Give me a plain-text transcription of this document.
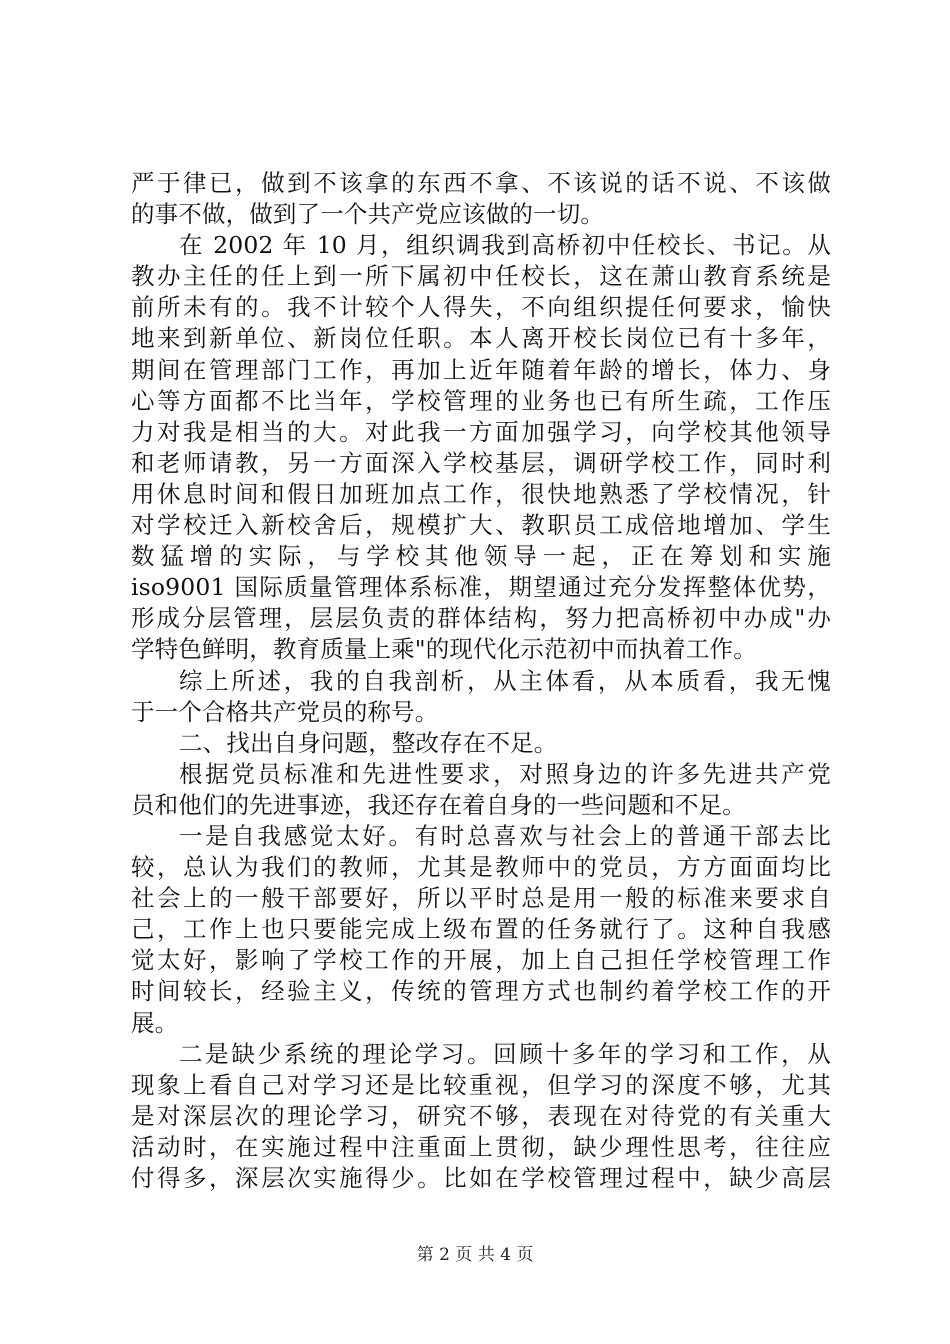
严于律已，做到不该拿的东西不拿、不该说的话不说、不该做
的事不做，做到了一个共产党应该做的一切。
在 2002 年 10 月，组织调我到高桥初中任校长、书记。从
教办主任的任上到一所下属初中任校长，这在萧山教育系统是
前所未有的。我不计较个人得失，不向组织提任何要求，愉快
地来到新单位、新岗位任职。本人离开校长岗位已有十多年，
期间在管理部门工作，再加上近年随着年龄的增长，体力、身
心等方面都不比当年，学校管理的业务也已有所生疏，工作压
力对我是相当的大。对此我一方面加强学习，向学校其他领导
和老师请教，另一方面深入学校基层，调研学校工作，同时利
用休息时间和假日加班加点工作，很快地熟悉了学校情况，针
对学校迁入新校舍后，规模扩大、教职员工成倍地增加、学生
数猛增的实际，与学校其他领导一起，正在筹划和实施
iso9001 国际质量管理体系标准，期望通过充分发挥整体优势，
形成分层管理，层层负责的群体结构，努力把高桥初中办成"办
学特色鲜明，教育质量上乘"的现代化示范初中而执着工作。
综上所述，我的自我剖析，从主体看，从本质看，我无愧
于一个合格共产党员的称号。
二、找出自身问题，整改存在不足。
根据党员标准和先进性要求，对照身边的许多先进共产党
员和他们的先进事迹，我还存在着自身的一些问题和不足。
一是自我感觉太好。有时总喜欢与社会上的普通干部去比
较，总认为我们的教师，尤其是教师中的党员，方方面面均比
社会上的一般干部要好，所以平时总是用一般的标准来要求自
己，工作上也只要能完成上级布置的任务就行了。这种自我感
觉太好，影响了学校工作的开展，加上自己担任学校管理工作
时间较长，经验主义，传统的管理方式也制约着学校工作的开
展。
二是缺少系统的理论学习。回顾十多年的学习和工作，从
现象上看自己对学习还是比较重视，但学习的深度不够，尤其
是对深层次的理论学习，研究不够，表现在对待党的有关重大
活动时，在实施过程中注重面上贯彻，缺少理性思考，往往应
付得多，深层次实施得少。比如在学校管理过程中，缺少高层
第 2 页 共 4 页
